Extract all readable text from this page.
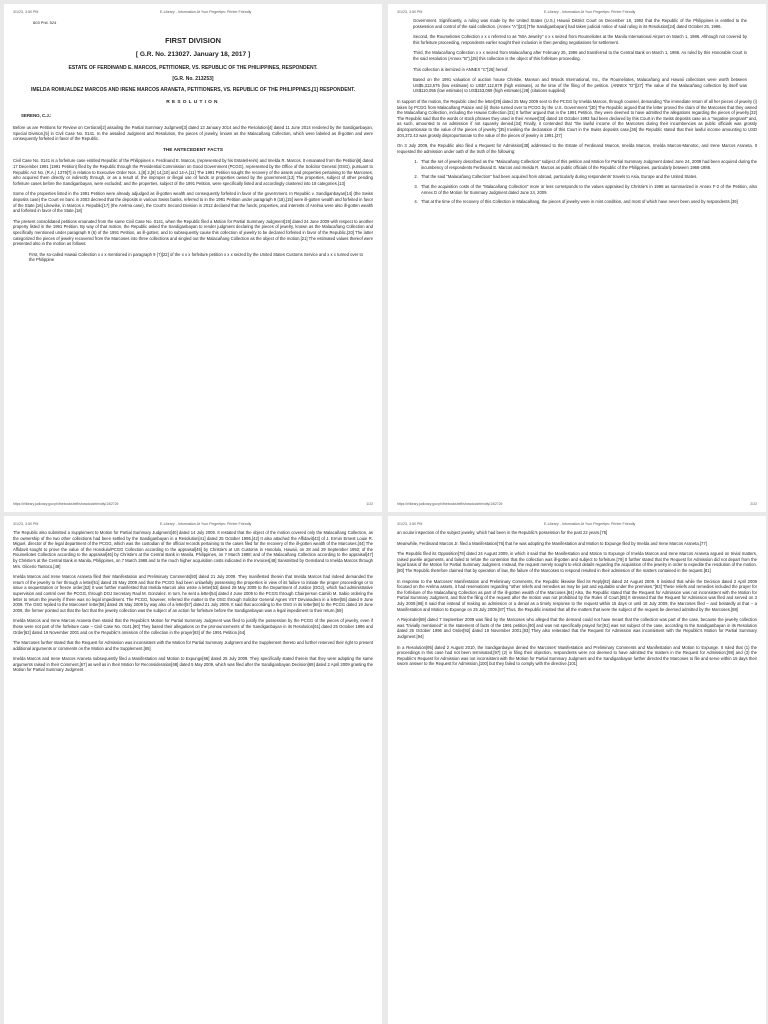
3/1/23, 3:50 PM	E-Library - Information At Your Fingertips: Printer Friendly
803 Phil. 524
FIRST DIVISION
[ G.R. No. 213027. January 18, 2017 ]
ESTATE OF FERDINAND E. MARCOS, PETITIONER, VS. REPUBLIC OF THE PHILIPPINES, RESPONDENT.
[G.R. No. 213253]
IMELDA ROMUALDEZ MARCOS AND IRENE MARCOS ARANETA, PETITIONERS, VS. REPUBLIC OF THE PHILIPPINES,[1] RESPONDENT.
RESOLUTION
SERENO, C.J.:

Before us are Petitions for Review on Certiorari[2] assailing the Partial Summary Judgment[3] dated 13 January 2014 and the Resolution[4] dated 11 June 2014 rendered by the Sandiganbayan, Special Division,[5] in Civil Case No. 0141. In the assailed Judgment and Resolution, the pieces of jewelry, known as the Malacañang Collection, which were labeled as ill-gotten and were consequently forfeited in favor of the Republic.

THE ANTECEDENT FACTS

Civil Case No. 0141 is a forfeiture case entitled Republic of the Philippines v. Ferdinand E. Marcos, (represented by his Estate/Heirs) and Imelda R. Marcos. It emanated from the Petition[6] dated 17 December 1991 (1991 Petition) filed by the Republic through the Presidential Commission on Good Government (PCGG), represented by the Office of the Solicitor General (OSG), pursuant to Republic Act No. (R.A.) 1379[7] in relation to Executive Order Nos. 1,[8] 2,[9] 14,[10] and 14-A.[11] The 1991 Petition sought the recovery of the assets and properties pertaining to the Marcoses, who acquired them directly or indirectly through, or as a result of, the improper or illegal use of funds or properties owned by the government.[12] The properties, subject of other pending forfeiture cases before the Sandiganbayan, were excluded; and the properties, subject of the 1991 Petition, were specifically listed and accordingly clustered into 18 categories.[13]

Some of the properties listed in the 1991 Petition were already adjudged as ill-gotten wealth and consequently forfeited in favor of the government. In Republic v. Sandiganbayan[14] (the Swiss deposits case) the Court en banc in 2003 decreed that the deposits in various Swiss banks, referred to in the 1991 Petition under paragraph 9 (18),[15] were ill-gotten wealth and forfeited in favor of the State.[16] Likewise, in Marcos v. Republic[17] (the Arelma case), the Court's Second Division in 2012 declared that the funds, properties, and interests of Arelma were also ill-gotten wealth and forfeited in favor of the State.[18]

The present consolidated petitions emanated from the same Civil Case No. 0141, when the Republic filed a Motion for Partial Summary Judgment[19] dated 24 June 2009 with respect to another property listed in the 1991 Petition. By way of that motion, the Republic asked the Sandiganbayan to render judgment declaring the pieces of jewelry, known as the Malacañang Collection and specifically mentioned under paragraph 9 (6) of the 1991 Petition, as ill-gotten; and to subsequently cause this collection of jewelry to be declared forfeited in favor of the Republic.[20] The latter categorized the pieces of jewelry recovered from the Marcoses into three collections and singled out the Malacañang Collection as the object of the motion.[21] The estimated values thereof were presented also in the motion as follows:

First, the so-called Hawaii Collection x x x mentioned in paragraph 9 (7)[22] of the x x x forfeiture petition x x x seized by the United States Customs Service and x x x turned over to the Philippine

https://elibrary.judiciary.gov.ph/thebookshelf/showdocsfriendly/1/62726	1/22
3/1/23, 3:50 PM	E-Library - Information At Your Fingertips: Printer Friendly

Government. Significantly, a ruling was made by the United States (U.S.) Hawaii District Court on December 18, 1992 that the Republic of the Philippines is entitled to the possession and control of the said collection. (Annex "A")[23] [The Sandiganbayan] had taken judicial notice of said ruling in its Resolution[24] dated October 25, 1996.

Second, the Roumeliotes Collection x x x referred to as "MIA Jewelry" x x x seized from Roumeliotes at the Manila International Airport on March 1, 1986. Although not covered by this forfeiture proceeding, respondents earlier sought their inclusion in then pending negotiations for settlement.

Third, the Malacañang Collection x x x seized from Malacañang after February 25, 1986 and transferred to the Central Bank on March 1, 1986. As ruled by this Honorable Court in the said resolution (Annex "B"),[25] this collection is the object of this forfeiture proceeding.

This collection is itemized in ANNEX "C"[26] hereof.

Based on the 1991 valuation of auction house Christie, Manson and Woods International, Inc., the Roumeliotes, Malacañang and Hawaii collections were worth between US$5,313,575 (low estimate) to US$7,112,879 (high estimate), at the time of the filing of the petition. (ANNEX "D")[27] The value of the Malacañang collection by itself was US$110,055 (low estimate) to US$153,089 (high estimate).[28] (citations supplied)

In support of the motion, the Republic cited the letter[29] dated 25 May 2009 sent to the PCGG by Imelda Marcos, through counsel, demanding "the immediate return of all her pieces of jewelry (i) taken by PCGG from Malacañang Palace and (ii) those turned over to PCGG by the U.S. Government."[30] The Republic argued that the letter proved the claim of the Marcoses that they owned the Malacañang Collection, including the Hawaii Collection.[31] It further argued that in the 1991 Petition, they were deemed to have admitted the allegations regarding the pieces of jewelry.[32] The Republic said that the words or stock phrases they used in their Answer[33] dated 18 October 1993 had been declared by this Court in the Swiss deposits case as a "negative pregnant" and, as such, amounted to an admission if not squarely denied.[34] Finally, it contended that "the lawful income of the Marcoses during their incumbencies as public officials was grossly disproportionate to the value of the pieces of jewelry."[35] Invoking the declaration of this Court in the Swiss deposits case,[36] the Republic stated that their lawful income amounting to USD 304,372.43 was grossly disproportionate to the value of the pieces of jewelry in 1991.[37]

On 3 July 2009, the Republic also filed a Request for Admission[38] addressed to the Estate of Ferdinand Marcos, Imelda Marcos, Imelda Marcos-Manotoc, and Irene Marcos Araneta. It requested the admission under oath of the truth of the following:

1. That the set of jewelry described as the "Malacañang Collection" subject of this petition and Motion for Partial Summary Judgment dated June 24, 2009 had been acquired during the incumbency of respondents Ferdinand E. Marcos and Imelda R. Marcos as public officials of the Republic of the Philippines, particularly between 1966-1986.
2. That the said "Malacañang Collection" had been acquired from abroad, particularly during respondents' travels to Asia, Europe and the United States.
3. That the acquisition costs of the "Malacañang Collection" more or less corresponds to the values appraised by Christie's in 1998 as summarized in Annex F-2 of the Petition, also Annex D of the Motion for Summary Judgment dated June 24, 2009.
4. That at the time of the recovery of this Collection in Malacañang, the pieces of jewelry were in mint condition, and most of which have never been used by respondents.[39]
https://elibrary.judiciary.gov.ph/thebookshelf/showdocsfriendly/1/62726	2/22
3/1/23, 3:50 PM	E-Library - Information At Your Fingertips: Printer Friendly

The Republic also submitted a Supplement to Motion for Partial Summary Judgment[40] dated 14 July 2009. It restated that the object of the motion covered only the Malacañang Collection, as the ownership of the two other collections had been settled by the Sandiganbayan in a Resolution[41] dated 25 October 1996.[42] It also attached the Affidavit[43] of J. Ermin Ernest Louie R. Miguel, director of the legal department of the PCGG, which was the custodian of the official records pertaining to the cases filed for the recovery of the ill-gotten wealth of the Marcoses.[44] The Affidavit sought to prove the value of the Honolulu/PCGG Collection according to the appraisal[45] by Christie's at US Customs in Honolulu, Hawaii, on 28 and 29 September 1992; of the Roumeliotes Collection according to the appraisal[46] by Christie's at the Central Bank in Manila, Philippines, on 7 March 1988; and of the Malacañang Collection according to the appraisal[47] by Christie's at the Central Bank in Manila, Philippines, on 7 March 1988 and to the much higher acquisition costs indicated in the Invoices[48] transmitted by Gemsland to Imelda Marcos through Mrs. Glicerio Tantoco.[49]

Imelda Marcos and Irene Marcos Araneta filed their Manifestation and Preliminary Comments[50] dated 21 July 2009. They manifested therein that Imelda Marcos had indeed demanded the return of the jewelry to her through a letter[51] dated 25 May 2009 and that the PCGG had been unlawfully possessing the properties in view of its failure to initiate the proper proceedings or to issue a sequestration or freeze order.[52] It was further manifested that Imelda Marcos also wrote a letter[53] dated 28 May 2009 to the Department of Justice (DOJ), which had administrative supervision and control over the PCGG, through DOJ Secretary Raul M. Gonzalez. In turn, he sent a letter[54] dated 4 June 2009 to the PCGG through Chairperson Camilo M. Sabio ordering the letter to return the jewelry if there was no legal impediment. The PCGG, however, referred the matter to the OSG through Solicitor General Agnes VST Devanadera in a letter[55] dated 9 June 2009. The OSG replied to the Marcoses' letter[56] dated 25 May 2009 by way also of a letter[57] dated 21 July 2009. It said that according to the OSG in its letter[58] to the PCGG dated 19 June 2009, the former pointed out that the fact that the jewelry collection was the subject of an action for forfeiture before the Sandiganbayan was a legal impediment to their return.[59]

Imelda Marcos and Irene Marcos Araneta then stated that the Republic's Motion for Partial Summary Judgment was filed to justify the possession by the PCGG of the pieces of jewelry, even if these were not part of the forfeiture case – Civil Case No. 0141.[60] They based their allegations on the pronouncements of the Sandiganbayan in its Resolution[61] dated 25 October 1996 and Order[62] dated 19 November 2001 and on the Republic's omission of the collection in the prayer[63] of the 1991 Petition.[64]

The Marcoses further stated that the Request for Admission was inconsistent with the Motion for Partial Summary Judgment and the Supplement thereto and further reserved their right to present additional arguments or comments on the Motion and the Supplement.[65]

Imelda Marcos and Irene Marcos Araneta subsequently filed a Manifestation and Motion to Expunge[66] dated 25 July 2009. They specifically stated therein that they were adopting the same arguments raised in their Comment,[67] as well as in their Motion for Reconsideration[68] dated 5 May 2009, which was filed after the Sandiganbayan Decision[69] dated 2 April 2009 granting the Motion for Partial Summary Judgment

3/1/23, 3:50 PM	E-Library - Information At Your Fingertips: Printer Friendly

an ocular inspection of the subject jewelry, which had been in the Republic's possession for the past 22 years.[75]

Meanwhile, Ferdinand Marcos Jr. filed a Manifestation[76] that he was adopting the Manifestation and Motion to Expunge filed by Imelda and Irene Marcos Araneta.[77]

The Republic filed its Opposition[78] dated 24 August 2009, in which it said that the Manifestation and Motion to Expunge of Imelda Marcos and Irene Marcos Araneta argued on trivial matters, raised puerile arguments, and failed to refute the contention that the collection was ill-gotten and subject to forfeiture.[79] It further stated that the Request for Admission did not depart from the legal basis of the Motion for Partial Summary Judgment. Instead, the request merely sought to elicit details regarding the acquisition of the jewelry in order to expedite the resolution of the motion.[80] The Republic therefore claimed that by operation of law, the failure of the Marcoses to respond resulted in their admission of the matters contained in the request.[81]

In response to the Marcoses' Manifestation and Preliminary Comments, the Republic likewise filed its Reply[82] dated 24 August 2009. It insisted that while the Decision dated 2 April 2009 focused on the Arelma assets, it had reservations regarding "other reliefs and remedies as may be just and equitable under the premises."[83] These reliefs and remedies included the prayer for the forfeiture of the Malacañang Collection as part of the ill-gotten wealth of the Marcoses.[84] Also, the Republic stated that the Request for Admission was not inconsistent with the Motion for Partial Summary Judgment, and that the filing of the request after the motion was not prohibited by the Rules of Court.[85] It stressed that the Request for Admission was filed and served on 3 July 2009.[86] It said that instead of making an admission or a denial as a timely response to the request within 15 days or until 18 July 2009, the Marcoses filed – and belatedly at that – a Manifestation and Motion to Expunge on 25 July 2009.[87] Thus, the Republic insisted that all the matters that were the subject of the request be deemed admitted by the Marcoses.[88]

A Rejoinder[89] dated 7 September 2009 was filed by the Marcoses who alleged that the demand could not have meant that the collection was part of the case, because the jewelry collection was "trivially mentioned" in the statement of facts of the 1991 petition,[90] and was not specifically prayed for;[91] was not subject of the case, according to the Sandiganbayan in its Resolution dated 25 October 1996 and Order[92] dated 19 November 2001.[93] They also reiterated that the Request for Admission was inconsistent with the Republic's Motion for Partial Summary Judgment.[94]

In a Resolution[95] dated 2 August 2010, the Sandiganbayan denied the Marcoses' Manifestation and Preliminary Comments and Manifestation and Motion to Expunge. It ruled that (1) the proceedings in this case had not been terminated;[97] (2) in filing their objection, respondents were not deemed to have admitted the matters in the Request for Admission;[98] and (3) the Republic's Request for Admission was not inconsistent with the Motion for Partial Summary Judgment and the Sandiganbayan further directed the Marcoses to file and serve within 15 days their sworn answer to the Request for Admission,[100] but they failed to comply with the directive.[101]
